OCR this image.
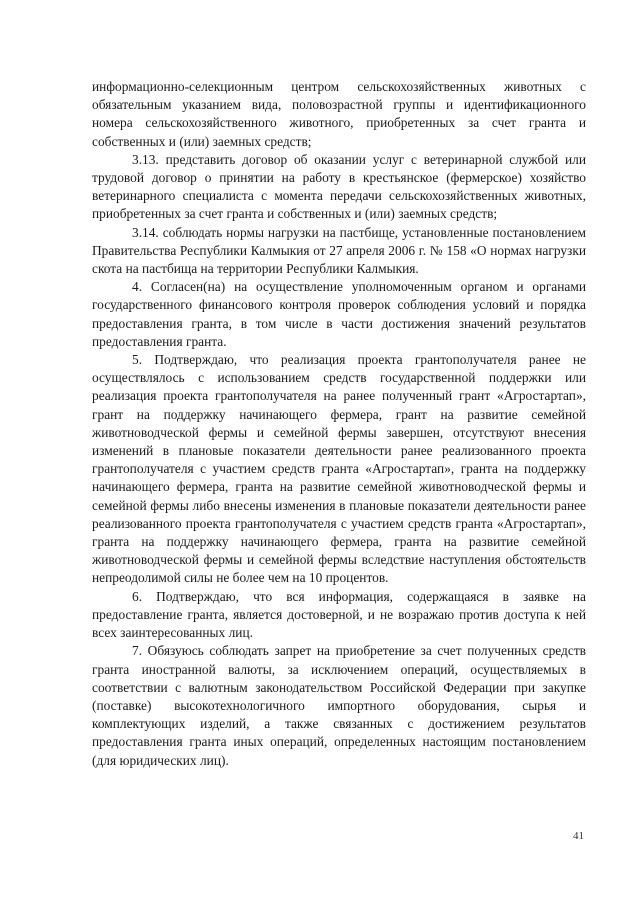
информационно-селекционным центром сельскохозяйственных животных с обязательным указанием вида, половозрастной группы и идентификационного номера сельскохозяйственного животного, приобретенных за счет гранта и собственных и (или) заемных средств;

3.13. представить договор об оказании услуг с ветеринарной службой или трудовой договор о принятии на работу в крестьянское (фермерское) хозяйство ветеринарного специалиста с момента передачи сельскохозяйственных животных, приобретенных за счет гранта и собственных и (или) заемных средств;

3.14. соблюдать нормы нагрузки на пастбище, установленные постановлением Правительства Республики Калмыкия от 27 апреля 2006 г. № 158 «О нормах нагрузки скота на пастбища на территории Республики Калмыкия.

4. Согласен(на) на осуществление уполномоченным органом и органами государственного финансового контроля проверок соблюдения условий и порядка предоставления гранта, в том числе в части достижения значений результатов предоставления гранта.

5. Подтверждаю, что реализация проекта грантополучателя ранее не осуществлялось с использованием средств государственной поддержки или реализация проекта грантополучателя на ранее полученный грант «Агростартап», грант на поддержку начинающего фермера, грант на развитие семейной животноводческой фермы и семейной фермы завершен, отсутствуют внесения изменений в плановые показатели деятельности ранее реализованного проекта грантополучателя с участием средств гранта «Агростартап», гранта на поддержку начинающего фермера, гранта на развитие семейной животноводческой фермы и семейной фермы либо внесены изменения в плановые показатели деятельности ранее реализованного проекта грантополучателя с участием средств гранта «Агростартап», гранта на поддержку начинающего фермера, гранта на развитие семейной животноводческой фермы и семейной фермы вследствие наступления обстоятельств непреодолимой силы не более чем на 10 процентов.

6. Подтверждаю, что вся информация, содержащаяся в заявке на предоставление гранта, является достоверной, и не возражаю против доступа к ней всех заинтересованных лиц.

7. Обязуюсь соблюдать запрет на приобретение за счет полученных средств гранта иностранной валюты, за исключением операций, осуществляемых в соответствии с валютным законодательством Российской Федерации при закупке (поставке) высокотехнологичного импортного оборудования, сырья и комплектующих изделий, а также связанных с достижением результатов предоставления гранта иных операций, определенных настоящим постановлением (для юридических лиц).

41
